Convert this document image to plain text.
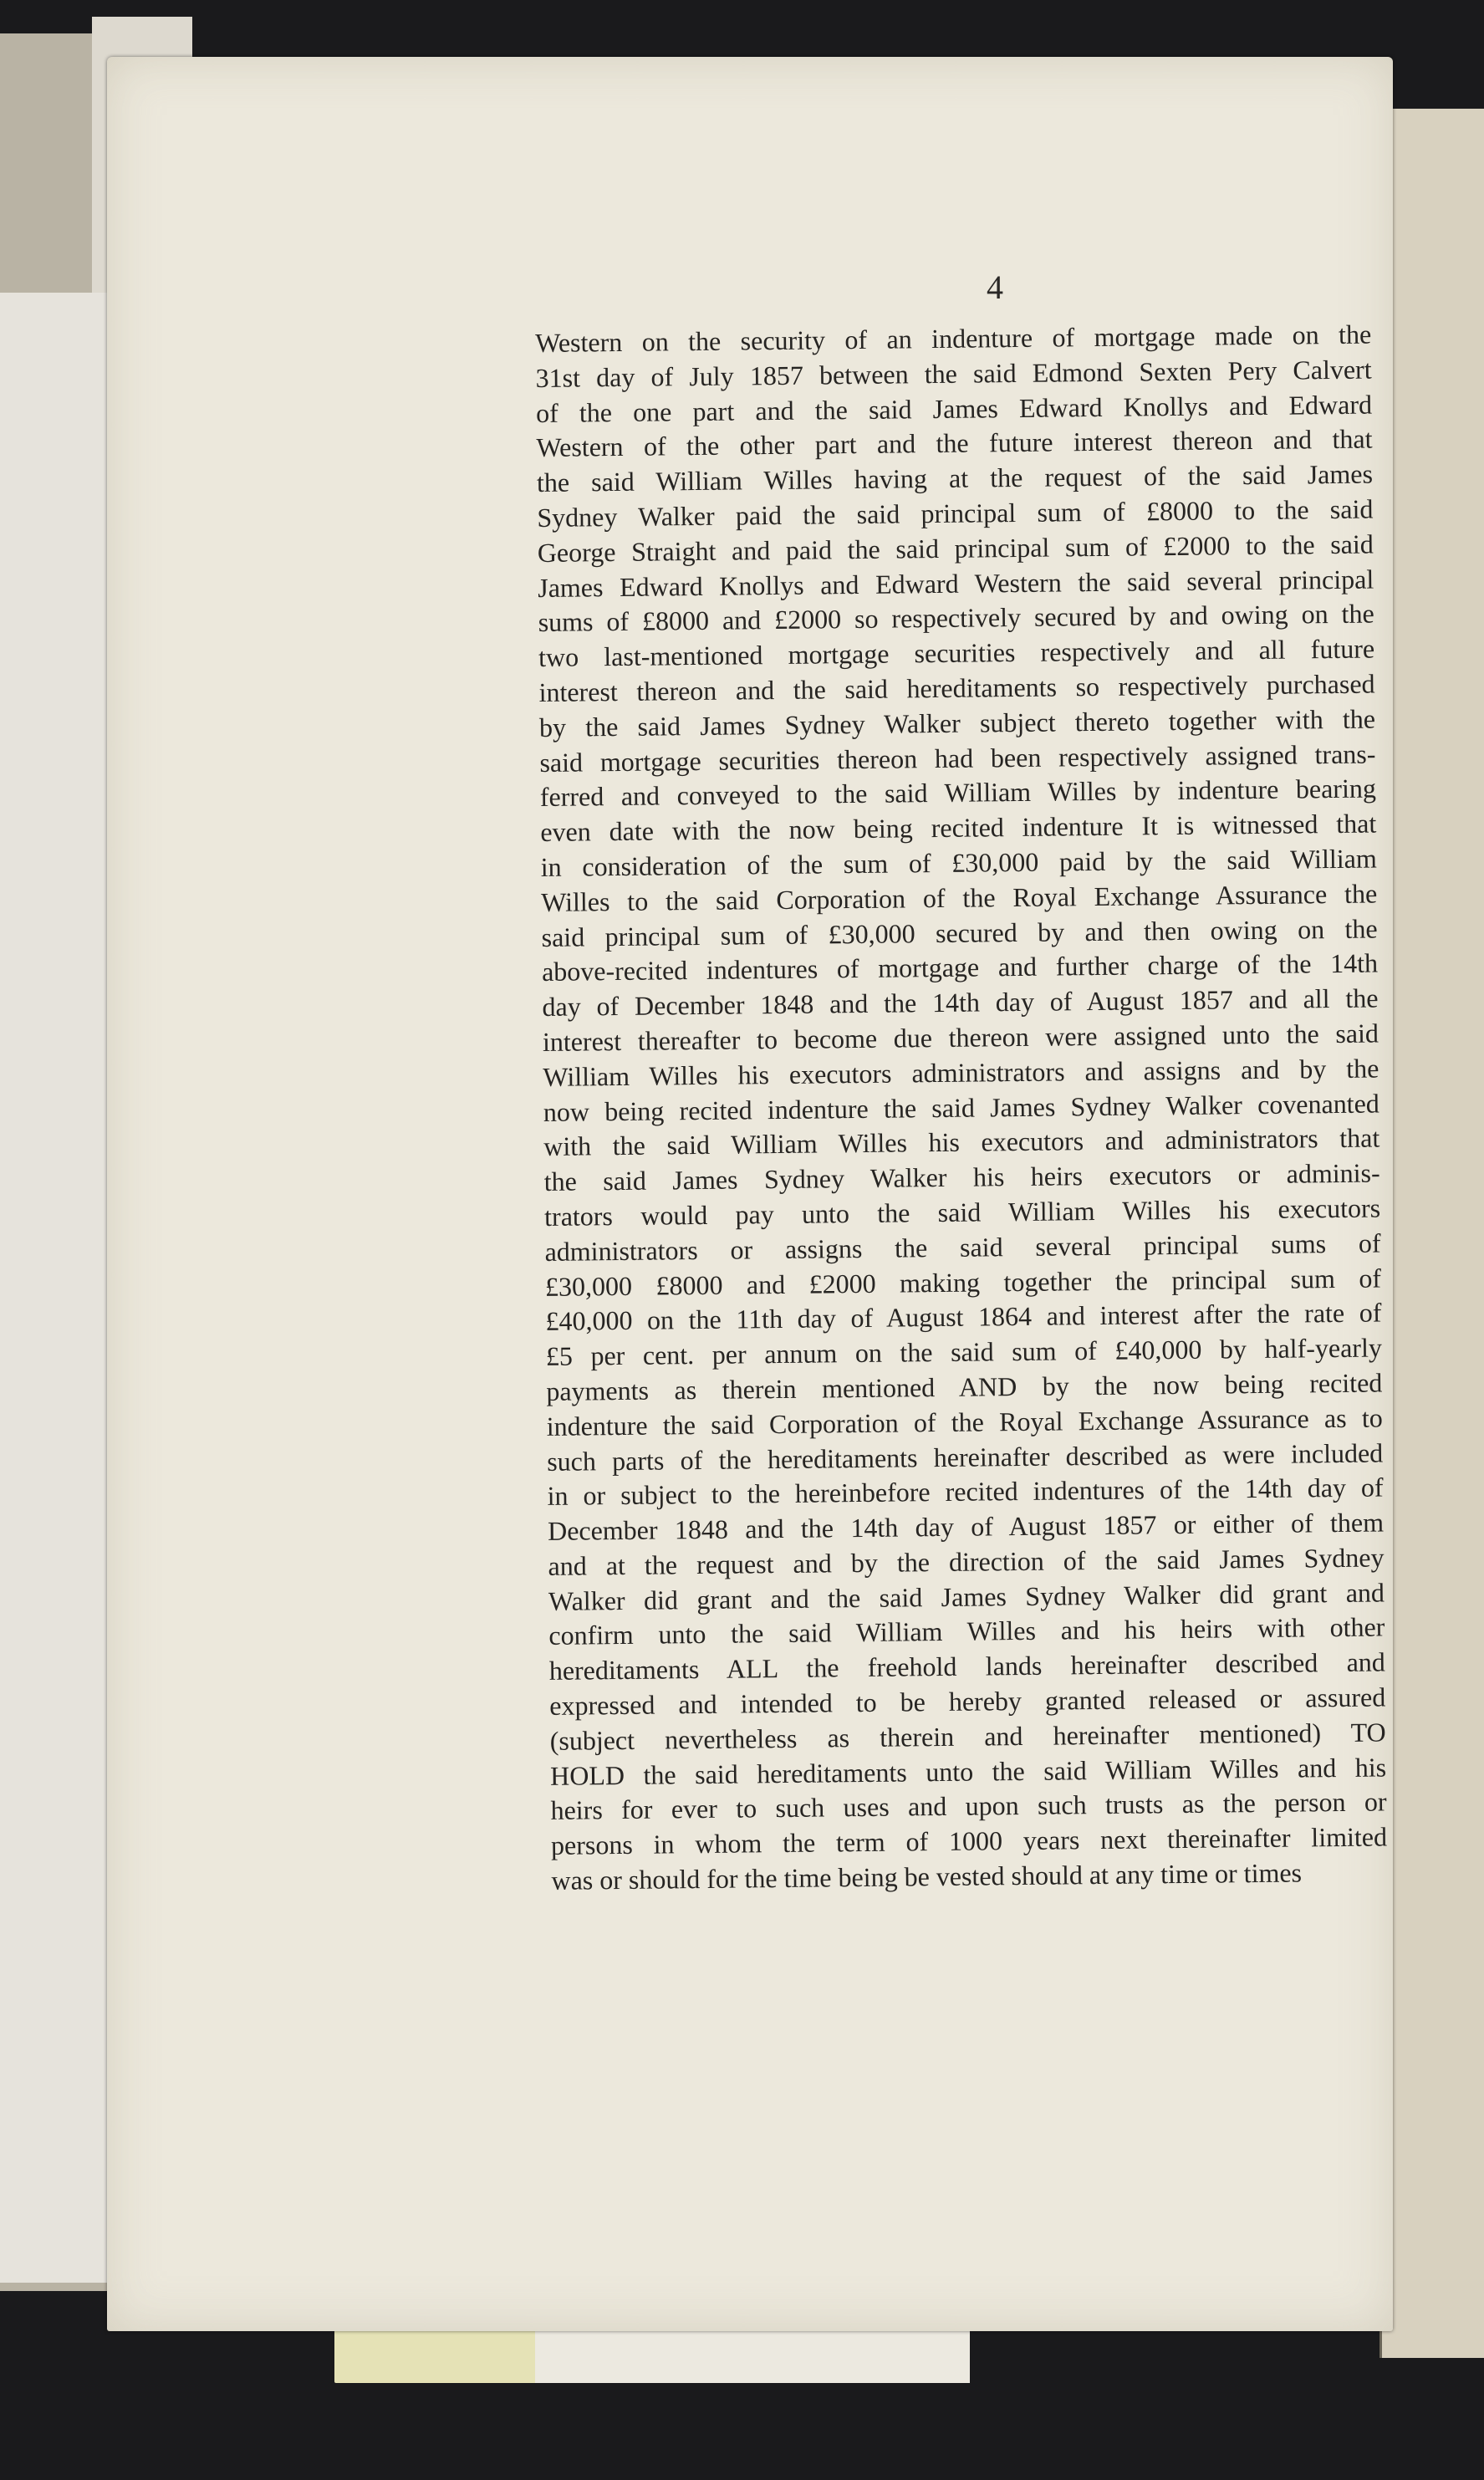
4
Western on the security of an indenture of mortgage made on the
31st day of July 1857 between the said Edmond Sexten Pery Calvert
of the one part and the said James Edward Knollys and Edward
Western of the other part and the future interest thereon and that
the said William Willes having at the request of the said James
Sydney Walker paid the said principal sum of £8000 to the said
George Straight and paid the said principal sum of £2000 to the said
James Edward Knollys and Edward Western the said several principal
sums of £8000 and £2000 so respectively secured by and owing on the
two last-mentioned mortgage securities respectively and all future
interest thereon and the said hereditaments so respectively purchased
by the said James Sydney Walker subject thereto together with the
said mortgage securities thereon had been respectively assigned trans-
ferred and conveyed to the said William Willes by indenture bearing
even date with the now being recited indenture It is witnessed that
in consideration of the sum of £30,000 paid by the said William
Willes to the said Corporation of the Royal Exchange Assurance the
said principal sum of £30,000 secured by and then owing on the
above-recited indentures of mortgage and further charge of the 14th
day of December 1848 and the 14th day of August 1857 and all the
interest thereafter to become due thereon were assigned unto the said
William Willes his executors administrators and assigns and by the
now being recited indenture the said James Sydney Walker covenanted
with the said William Willes his executors and administrators that
the said James Sydney Walker his heirs executors or adminis-
trators would pay unto the said William Willes his executors
administrators or assigns the said several principal sums of
£30,000 £8000 and £2000 making together the principal sum of
£40,000 on the 11th day of August 1864 and interest after the rate of
£5 per cent. per annum on the said sum of £40,000 by half-yearly
payments as therein mentioned AND by the now being recited
indenture the said Corporation of the Royal Exchange Assurance as to
such parts of the hereditaments hereinafter described as were included
in or subject to the hereinbefore recited indentures of the 14th day of
December 1848 and the 14th day of August 1857 or either of them
and at the request and by the direction of the said James Sydney
Walker did grant and the said James Sydney Walker did grant and
confirm unto the said William Willes and his heirs with other
hereditaments ALL the freehold lands hereinafter described and
expressed and intended to be hereby granted released or assured
(subject nevertheless as therein and hereinafter mentioned) TO
HOLD the said hereditaments unto the said William Willes and his
heirs for ever to such uses and upon such trusts as the person or
persons in whom the term of 1000 years next thereinafter limited
was or should for the time being be vested should at any time or times
